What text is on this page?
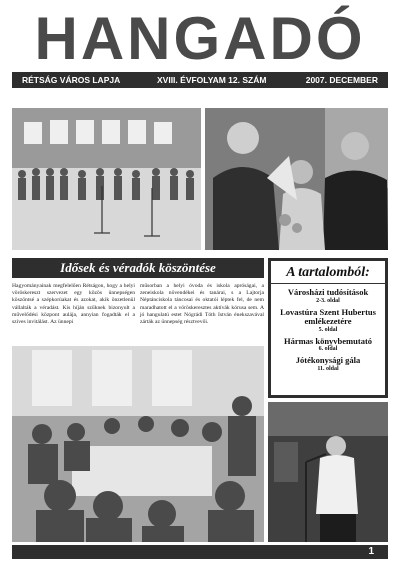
HANGADÓ
RÉTSÁG VÁROS LAPJA	XVIII. ÉVFOLYAM 12. SZÁM	2007. DECEMBER
Idősek és véradók köszöntése
Hagyományainak megfelelően Rétságon, hogy a helyi vöröskereszt szervezet egy közös ünnepségen köszöntsé a szépkorúakat és azokat, akik önzetlenül vállalták a véradást. Kis híján szűknek bizonyult a művelődési központ aulája, annyian fogadták el a szíves invitálást. Az ünnepi
műsorban a helyi óvoda és iskola apróságai, a zeneiskola növendékei és tanárai, s a Lajtorja Néptánciskola táncosai és oktatói léptek fel, de nem maradhatott el a vöröskeresztes aktívák kórusa sem. A jó hangulatú estet Nógrádi Tóth István énekszavával zárták az ünnepség résztvevői.
A tartalomból:
Városházi tudósítások
2-3. oldal
Lovastúra Szent Hubertus emlékezetére
5. oldal
Hármas könyvbemutató
6. oldal
Jótékonysági gála
11. oldal
1
